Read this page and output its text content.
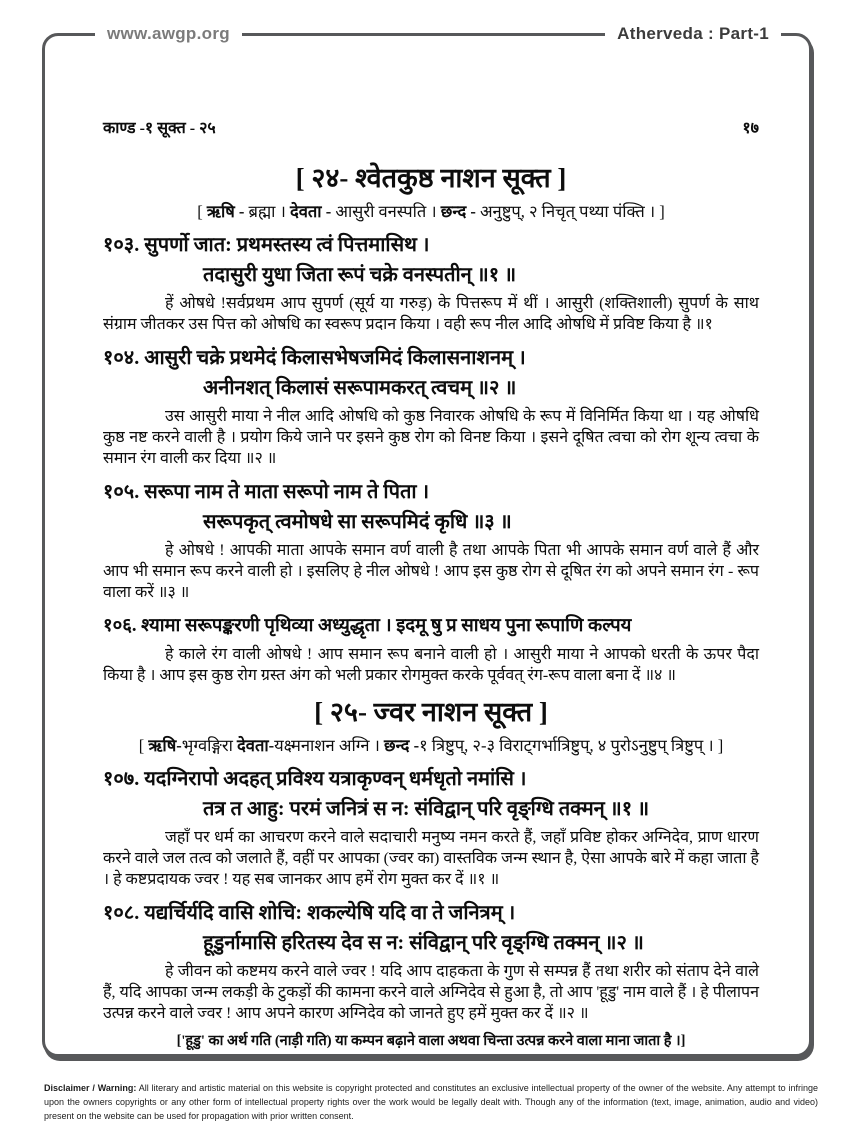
www.awgp.org	Atherveda : Part-1
काण्ड -१ सूक्त - २५	१७
[ २४- श्वेतकुष्ठ नाशन सूक्त ]
[ ऋषि - ब्रह्मा । देवता - आसुरी वनस्पति । छन्द - अनुष्टुप्, २ निचृत् पथ्या पंक्ति । ]

१०३. सुपर्णो जात: प्रथमस्तस्य त्वं पित्तमासिथ ।

तदासुरी युधा जिता रूपं चक्रे वनस्पतीन् ॥१ ॥

हें ओषधे !सर्वप्रथम आप सुपर्ण (सूर्य या गरुड़) के पित्तरूप में थीं । आसुरी (शक्तिशाली) सुपर्ण के साथ संग्राम जीतकर उस पित्त को ओषधि का स्वरूप प्रदान किया । वही रूप नील आदि ओषधि में प्रविष्ट किया है ॥१

१०४. आसुरी चक्रे प्रथमेदं किलासभेषजमिदं किलासनाशनम् ।

अनीनशत् किलासं सरूपामकरत् त्वचम् ॥२ ॥

उस आसुरी माया ने नील आदि ओषधि को कुष्ठ निवारक ओषधि के रूप में विनिर्मित किया था । यह ओषधि कुष्ठ नष्ट करने वाली है । प्रयोग किये जाने पर इसने कुष्ठ रोग को विनष्ट किया । इसने दूषित त्वचा को रोग शून्य त्वचा के समान रंग वाली कर दिया ॥२ ॥

१०५. सरूपा नाम ते माता सरूपो नाम ते पिता ।

सरूपकृत् त्वमोषधे सा सरूपमिदं कृधि ॥३ ॥

हे ओषधे ! आपकी माता आपके समान वर्ण वाली है तथा आपके पिता भी आपके समान वर्ण वाले हैं और आप भी समान रूप करने वाली हो । इसलिए हे नील ओषधे ! आप इस कुष्ठ रोग से दूषित रंग को अपने समान रंग - रूप वाला करें ॥३ ॥

१०६. श्यामा सरूपङ्करणी पृथिव्या अध्युद्धृता । इदमू षु प्र साधय पुना रूपाणि कल्पय

हे काले रंग वाली ओषधे ! आप समान रूप बनाने वाली हो । आसुरी माया ने आपको धरती के ऊपर पैदा किया है । आप इस कुष्ठ रोग ग्रस्त अंग को भली प्रकार रोगमुक्त करके पूर्ववत् रंग-रूप वाला बना दें ॥४ ॥

[ २५- ज्वर नाशन सूक्त ]
[ ऋषि-भृग्वङ्गिरा देवता-यक्ष्मनाशन अग्नि । छन्द -१ त्रिष्टुप्, २-३ विराट्गर्भात्रिष्टुप्, ४ पुरोऽनुष्टुप् त्रिष्टुप् । ]

१०७. यदग्निरापो अदहत् प्रविश्य यत्राकृण्वन् धर्मधृतो नमांसि ।

तत्र त आहु: परमं जनित्रं स न: संविद्वान् परि वृङ्ग्धि तक्मन् ॥१ ॥

जहाँ पर धर्म का आचरण करने वाले सदाचारी मनुष्य नमन करते हैं, जहाँ प्रविष्ट होकर अग्निदेव, प्राण धारण करने वाले जल तत्व को जलाते हैं, वहीं पर आपका (ज्वर का) वास्तविक जन्म स्थान है, ऐसा आपके बारे में कहा जाता है । हे कष्टप्रदायक ज्वर ! यह सब जानकर आप हमें रोग मुक्त कर दें ॥१ ॥

१०८. यद्यर्चिर्यदि वासि शोचि: शकल्येषि यदि वा ते जनित्रम् ।

हूडुर्नामासि हरितस्य देव स न: संविद्वान् परि वृङ्ग्धि तक्मन् ॥२ ॥

हे जीवन को कष्टमय करने वाले ज्वर ! यदि आप दाहकता के गुण से सम्पन्न हैं तथा शरीर को संताप देने वाले हैं, यदि आपका जन्म लकड़ी के टुकड़ों की कामना करने वाले अग्निदेव से हुआ है, तो आप 'हूडु' नाम वाले हैं । हे पीलापन उत्पन्न करने वाले ज्वर ! आप अपने कारण अग्निदेव को जानते हुए हमें मुक्त कर दें ॥२ ॥

['हूडु' का अर्थ गति (नाड़ी गति) या कम्पन बढ़ाने वाला अथवा चिन्ता उत्पन्न करने वाला माना जाता है ।]

Disclaimer / Warning: All literary and artistic material on this website is copyright protected and constitutes an exclusive intellectual property of the owner of the website. Any attempt to infringe upon the owners copyrights or any other form of intellectual property rights over the work would be legally dealt with. Though any of the information (text, image, animation, audio and video) present on the website can be used for propagation with prior written consent.
